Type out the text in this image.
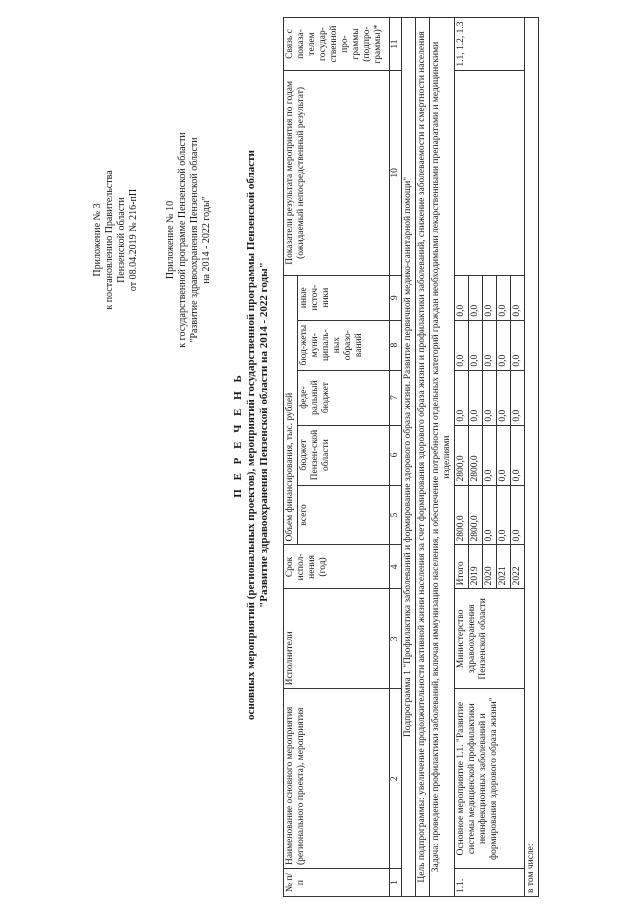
Приложение № 3 к постановлению Правительства Пензенской области от 08.04.2019 № 216-пП	Приложение № 10 к государственной программе Пензенской области "Развитие здравоохранения Пензенской области на 2014 - 2022 годы"
П Е Р Е Ч Е Н Ь основных мероприятий (региональных проектов), мероприятий государственной программы Пензенской области "Развитие здравоохранения Пензенской области на 2014 - 2022 годы"
№ п/п	Наименование основного мероприятия (регионального проекта), мероприятия	Исполнители	Срок испол-нения (год)	Объем финансирования, тыс. рублей					Показатели результата мероприятия по годам (ожидаемый непосредственный результат)	Связь с показа-телем государ-ственной про-граммы (подпро-граммы)*
				всего	бюджет Пензен-ской области	феде-ральный бюджет	бюд-жеты муни-ципаль-ных образо-ваний	иные источ-ники		
1	2	3	4	5	6	7	8	9	10	11
Подпрограмма 1 "Профилактика заболеваний и формирование здорового образа жизни. Развитие первичной медико-санитарной помощи"										
Цель подпрограммы: увеличение продолжительности активной жизни населения за счет формирования здорового образа жизни и профилактики заболеваний, снижение заболеваемости и смертности населения										
Задача: проведение профилактики заболеваний, включая иммунизацию населения, и обеспечение потребности отдельных категорий граждан необходимыми лекарственными препаратами и медицинскими изделиями										
1.1.	Основное мероприятие 1.1. "Развитие системы медицинской профилактики неинфекционных заболеваний и формирования здорового образа жизни"	Министерство здравоохранения Пензенской области	Итого	2800,0	2800,0	0,0	0,0	0,0		1.1, 1.2, 1.3
			2019	2800,0	2800,0	0,0	0,0	0,0		
			2020	0,0	0,0	0,0	0,0	0,0		
			2021	0,0	0,0	0,0	0,0	0,0		
			2022	0,0	0,0	0,0	0,0	0,0		
в том числе:										
